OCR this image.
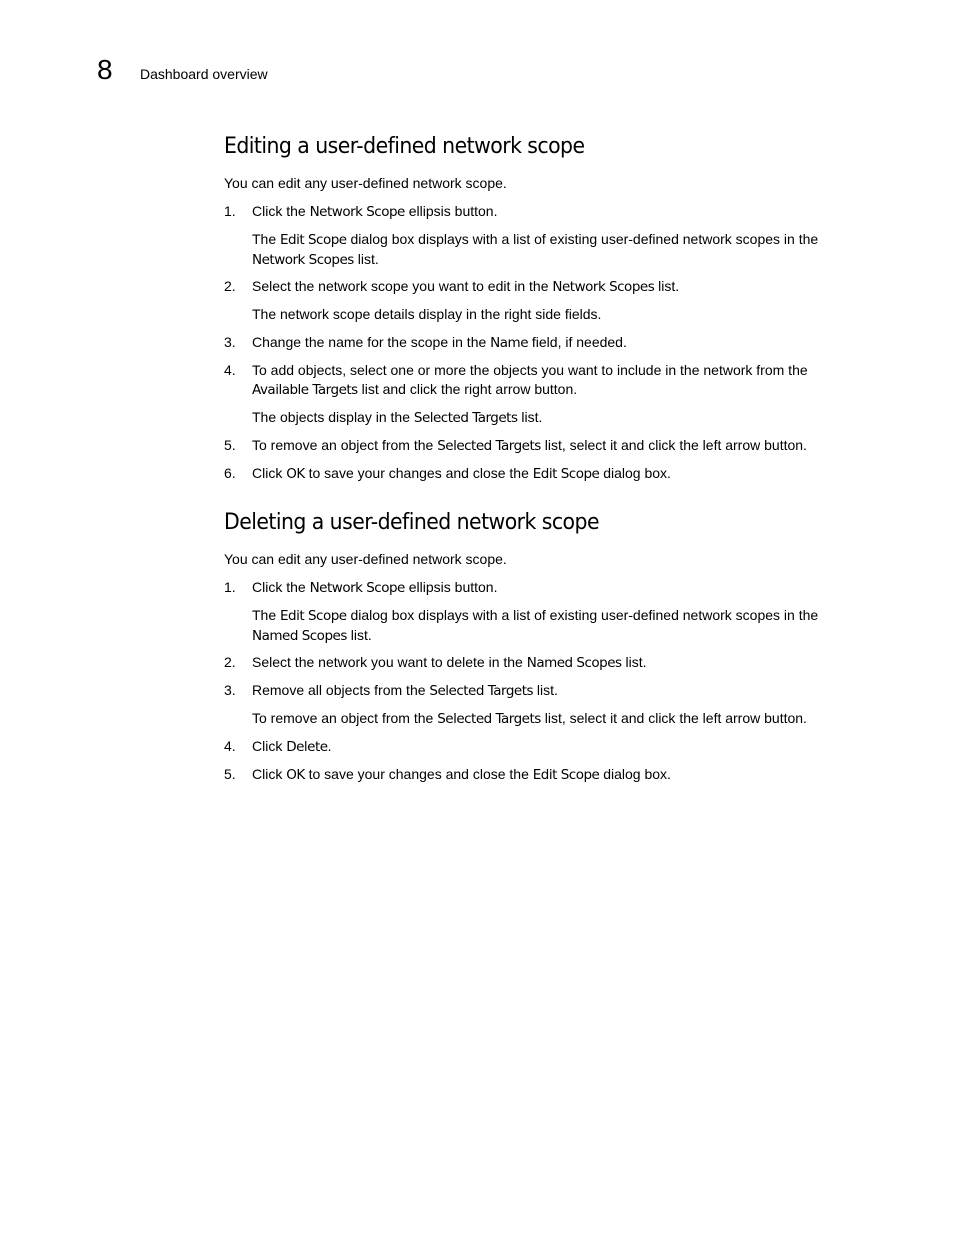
8 Dashboard overview
Editing a user-defined network scope
You can edit any user-defined network scope.
1. Click the Network Scope ellipsis button.
The Edit Scope dialog box displays with a list of existing user-defined network scopes in the Network Scopes list.
2. Select the network scope you want to edit in the Network Scopes list.
The network scope details display in the right side fields.
3. Change the name for the scope in the Name field, if needed.
4. To add objects, select one or more the objects you want to include in the network from the Available Targets list and click the right arrow button.
The objects display in the Selected Targets list.
5. To remove an object from the Selected Targets list, select it and click the left arrow button.
6. Click OK to save your changes and close the Edit Scope dialog box.
Deleting a user-defined network scope
You can edit any user-defined network scope.
1. Click the Network Scope ellipsis button.
The Edit Scope dialog box displays with a list of existing user-defined network scopes in the Named Scopes list.
2. Select the network you want to delete in the Named Scopes list.
3. Remove all objects from the Selected Targets list.
To remove an object from the Selected Targets list, select it and click the left arrow button.
4. Click Delete.
5. Click OK to save your changes and close the Edit Scope dialog box.
